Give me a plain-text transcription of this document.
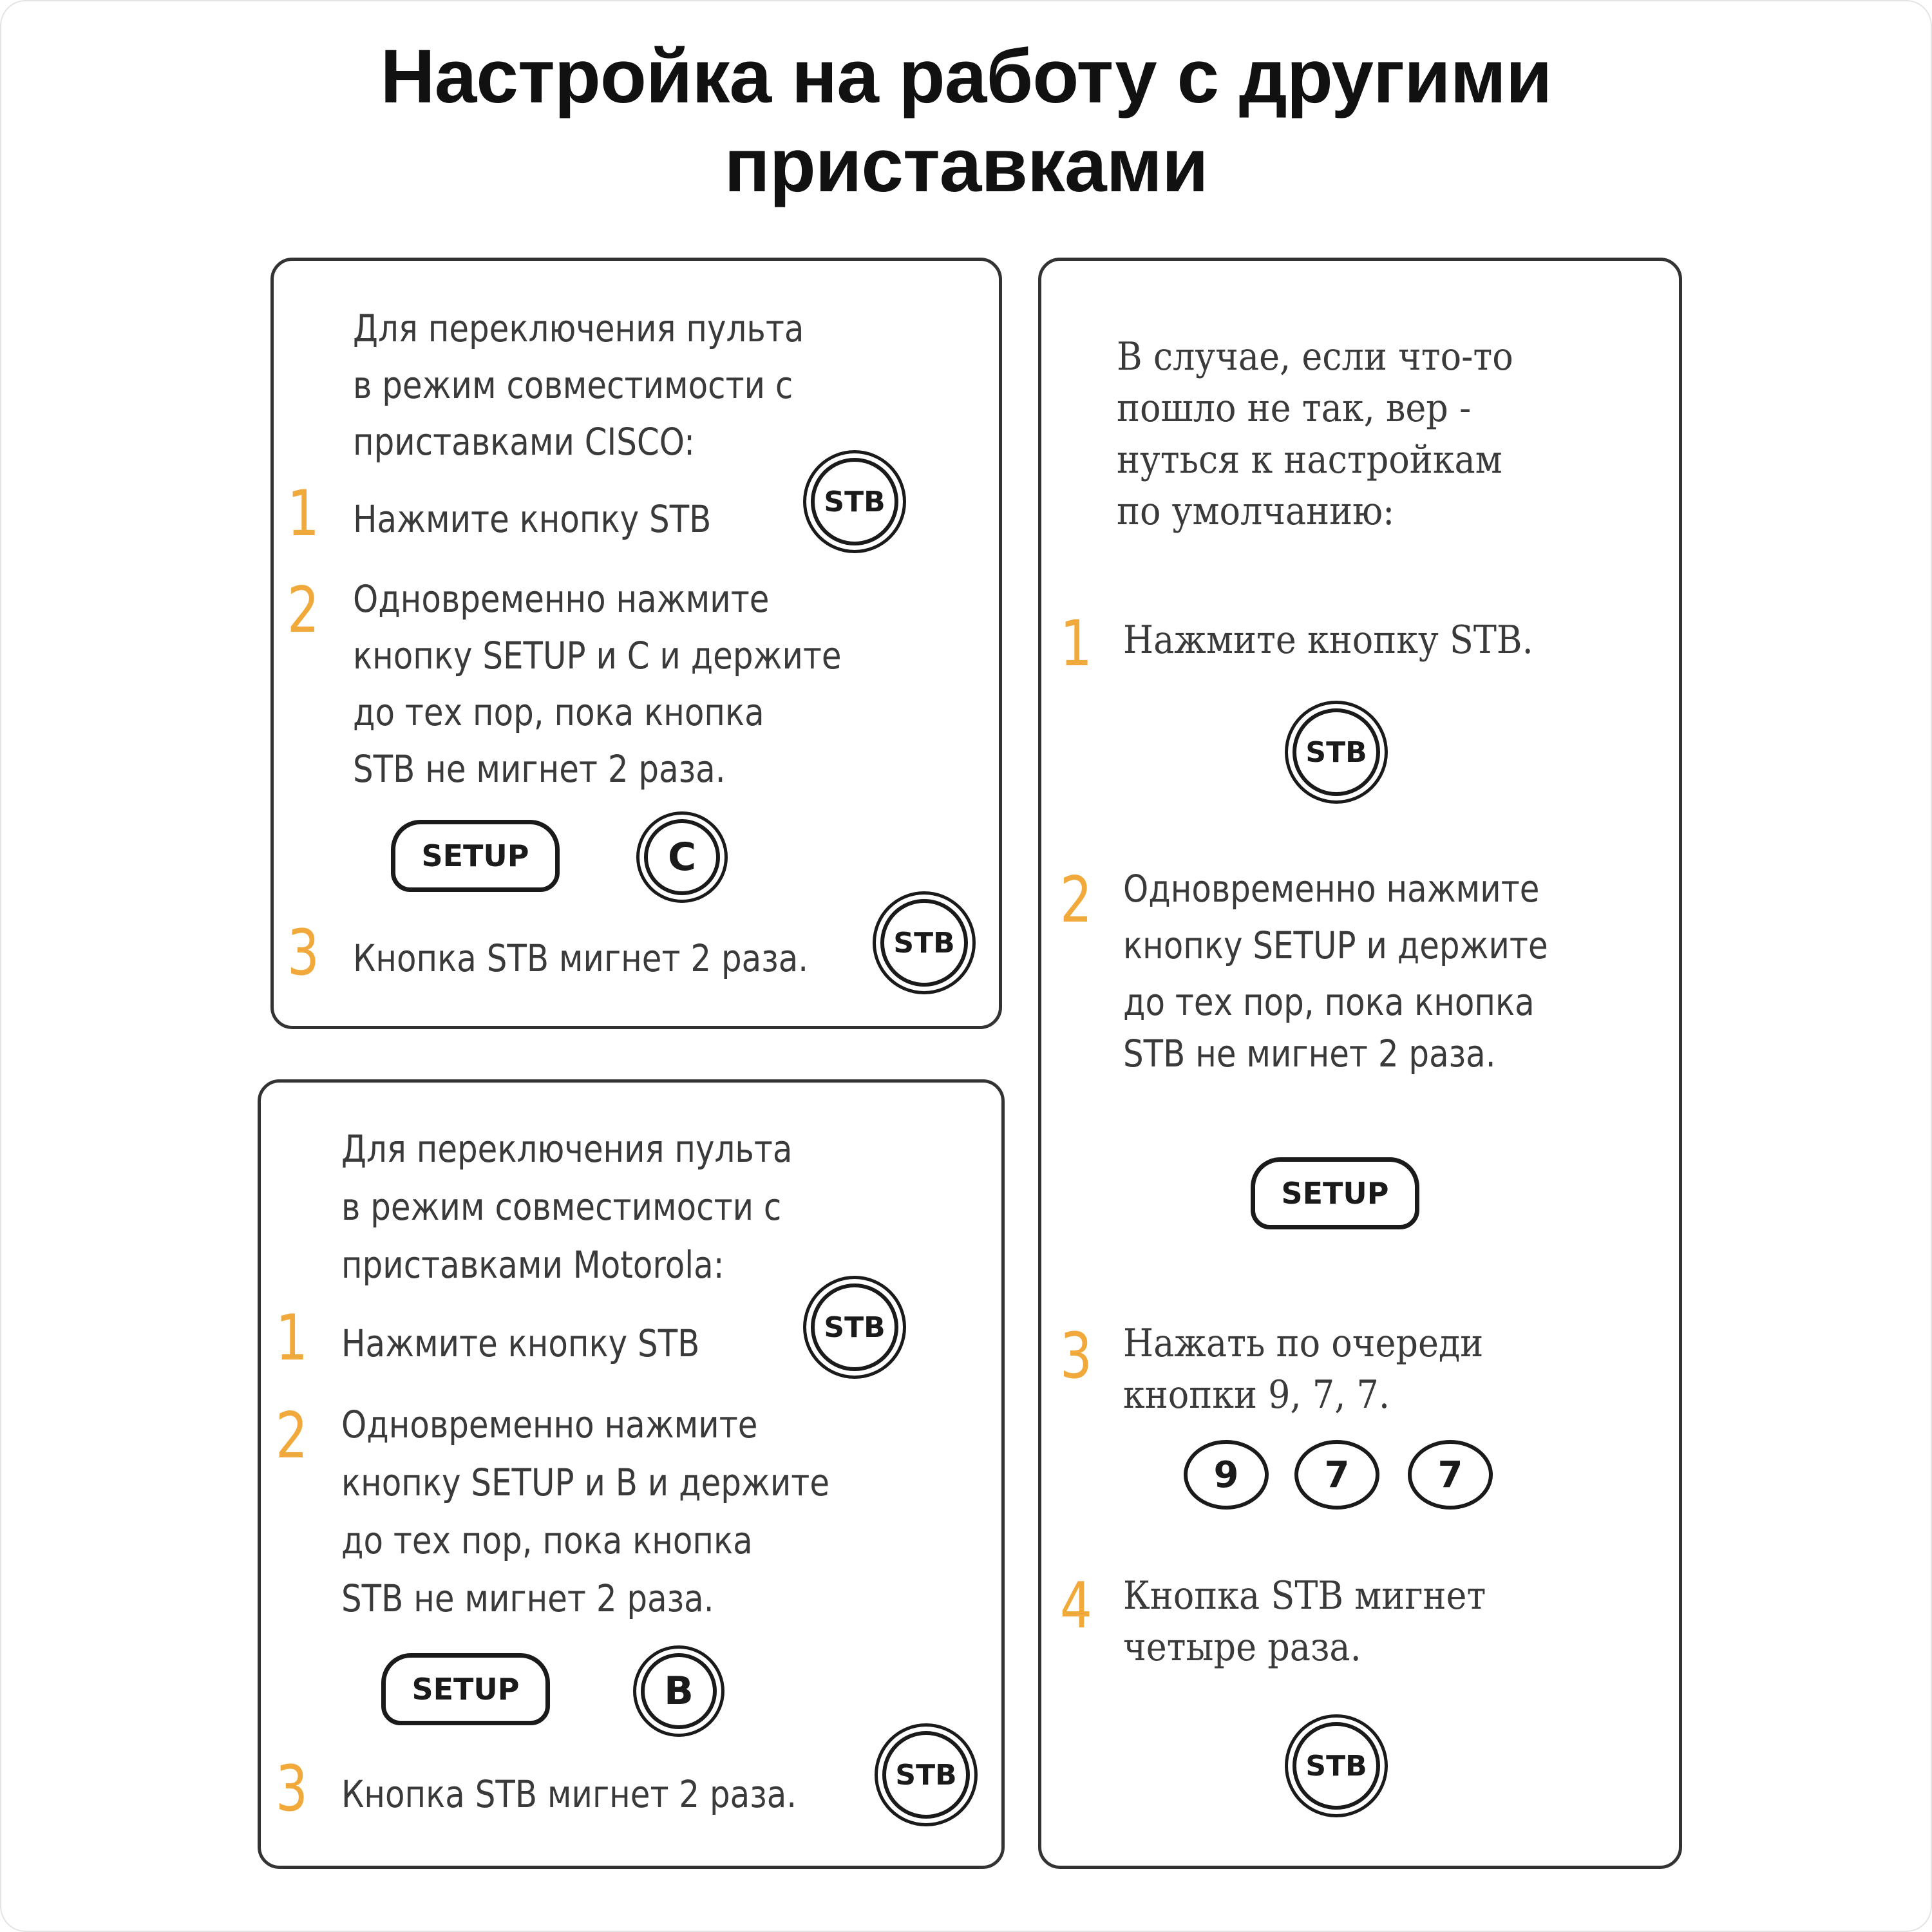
Настройка на работу с другими
приставками
Для переключения пульта
в режим совместимости с
приставками CISCO:
1 Нажмите кнопку STB	STB
2 Одновременно нажмите
кнопку SETUP и C и держите
до тех пор, пока кнопка
STB не мигнет 2 раза.
SETUP	C
3 Кнопка STB мигнет 2 раза.	STB
Для переключения пульта
в режим совместимости с
приставками Motorola:
1 Нажмите кнопку STB	STB
2 Одновременно нажмите
кнопку SETUP и B и держите
до тех пор, пока кнопка
STB не мигнет 2 раза.
SETUP	B
3 Кнопка STB мигнет 2 раза.	STB
В случае, если что-то
пошло не так, вер -
нуться к настройкам
по умолчанию:
1 Нажмите кнопку STB.
STB
2 Одновременно нажмите
кнопку SETUP и держите
до тех пор, пока кнопка
STB не мигнет 2 раза.
SETUP
3 Нажать по очереди
кнопки 9, 7, 7.
9	7	7
4 Кнопка STB мигнет
четыре раза.
STB
